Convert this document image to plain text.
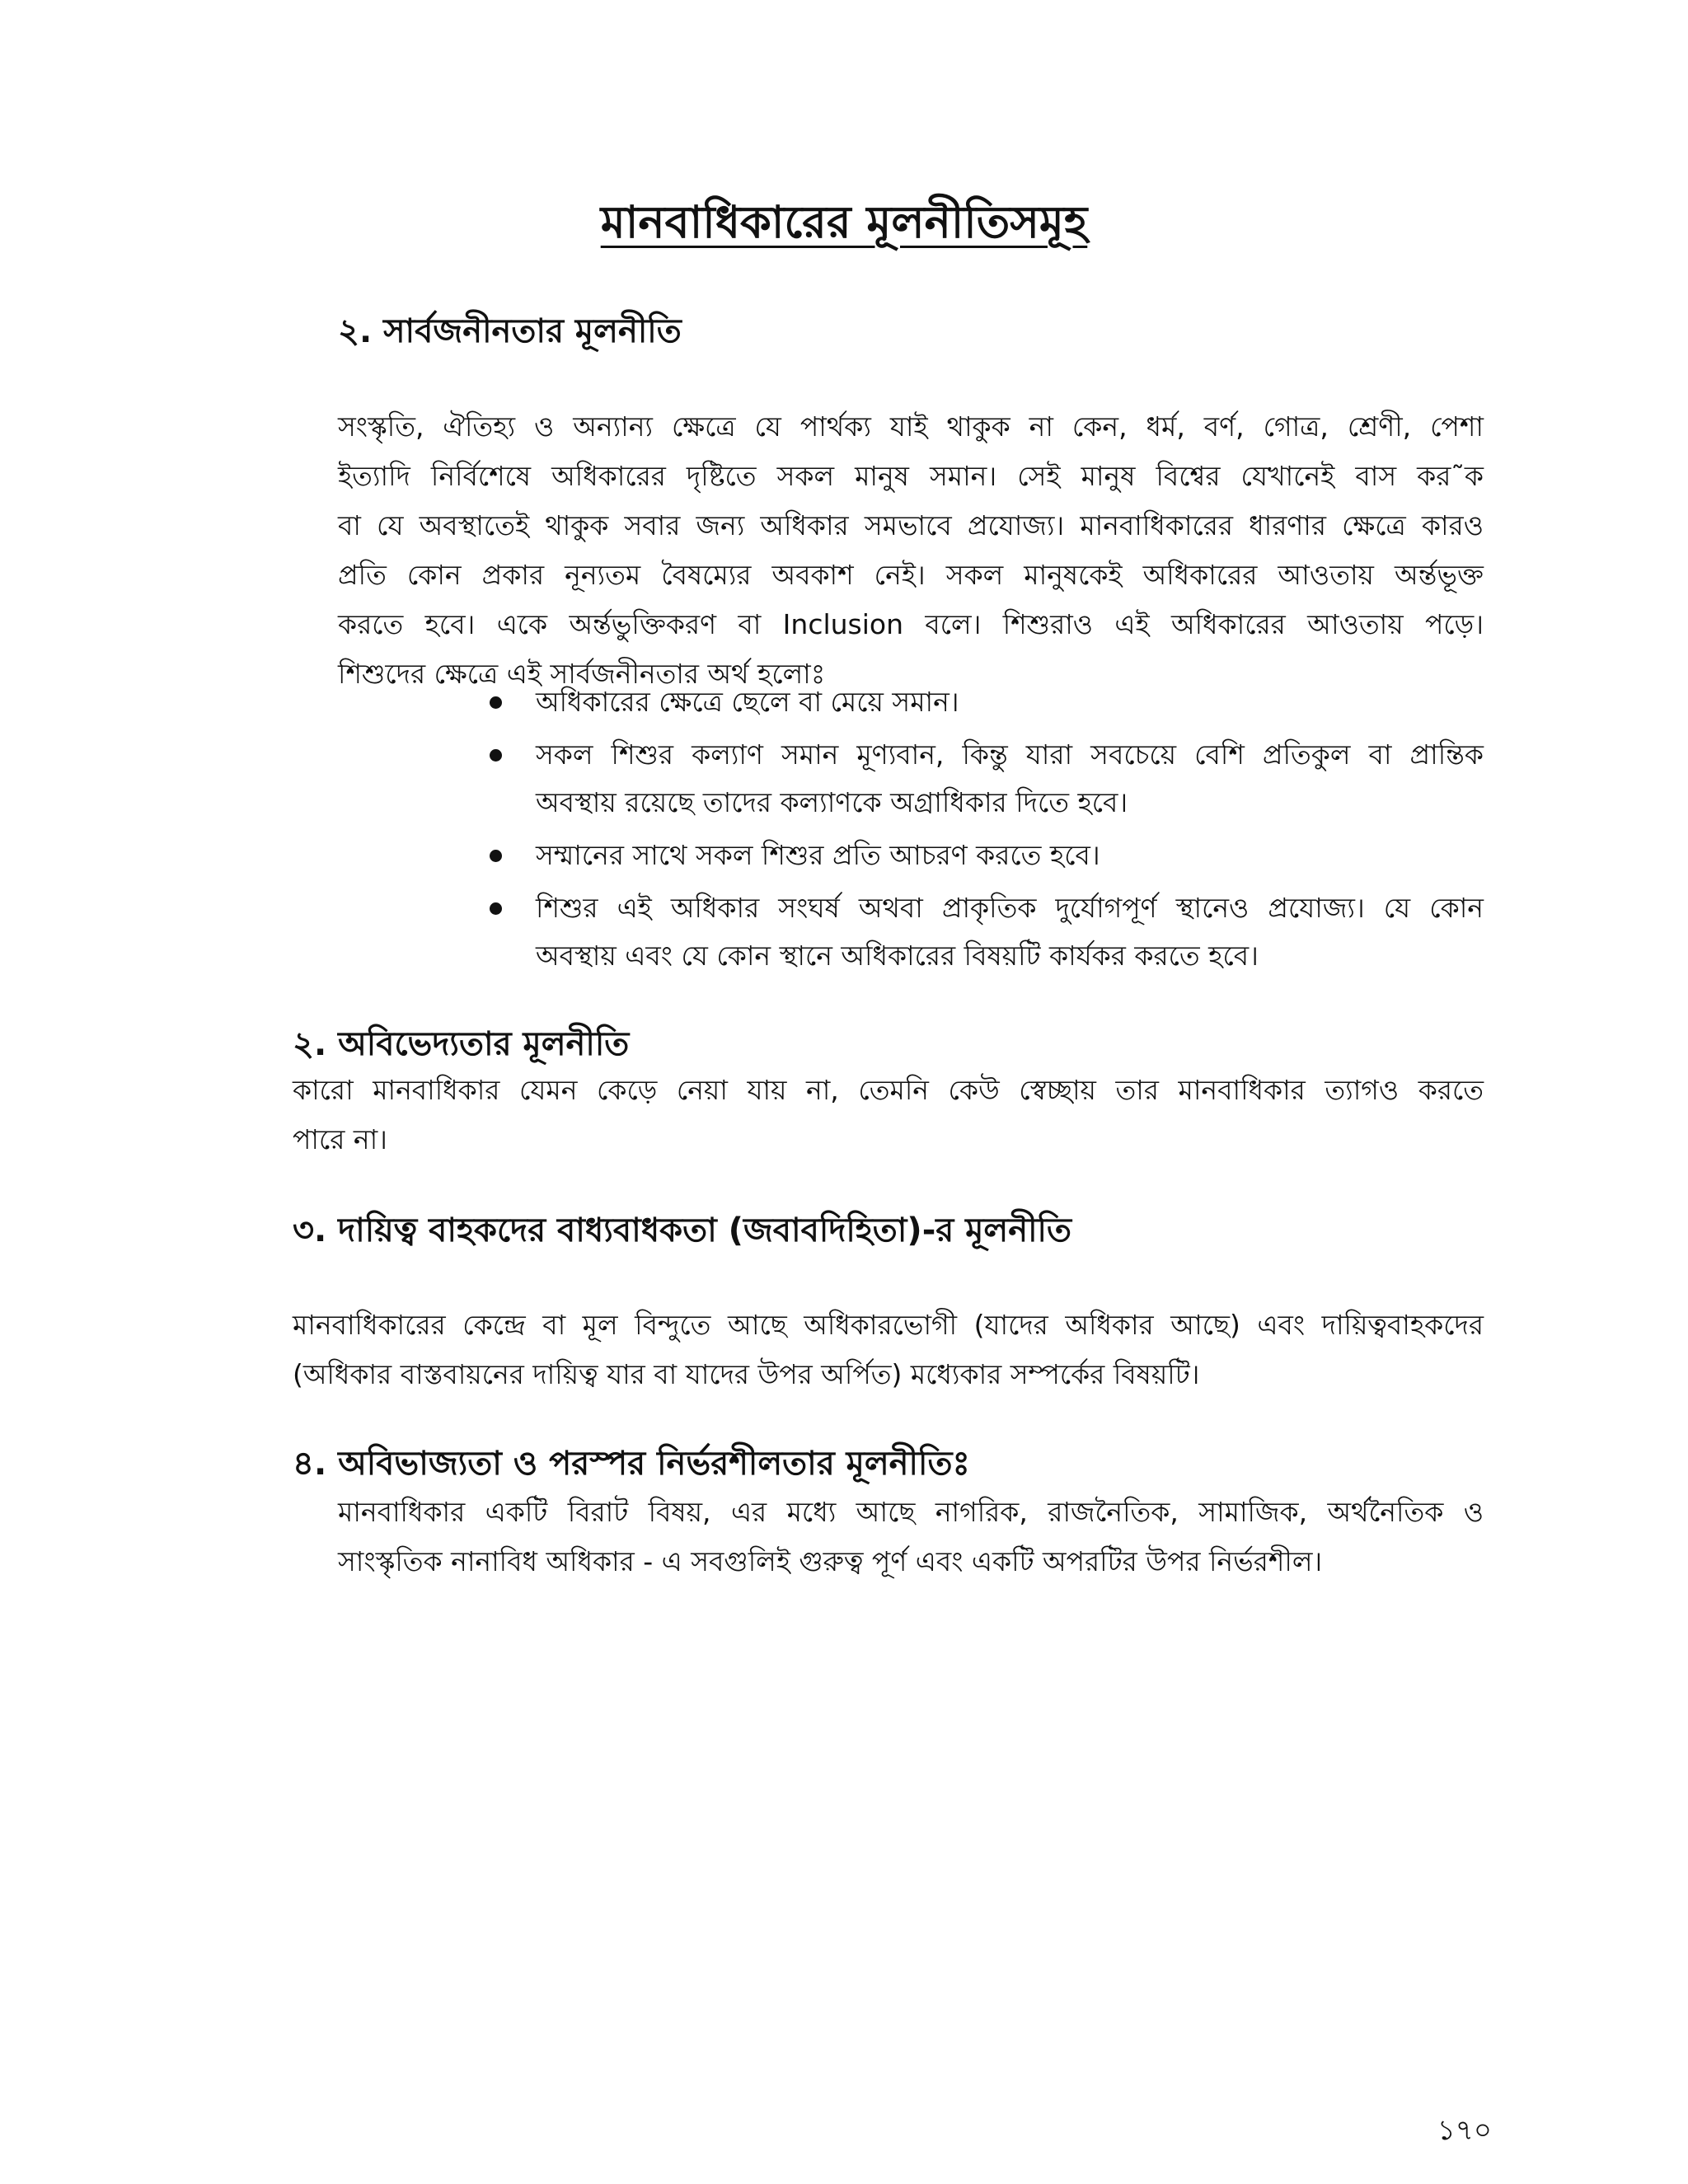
মানবাধিকারের মূলনীতিসমূহ
২. সার্বজনীনতার মূলনীতি
সংস্কৃতি, ঐতিহ্য ও অন্যান্য ক্ষেত্রে যে পার্থক্য যাই থাকুক না কেন, ধর্ম, বর্ণ, গোত্র, শ্রেণী, পেশা
ইত্যাদি নির্বিশেষে অধিকারের দৃষ্টিতে সকল মানুষ সমান। সেই মানুষ বিশ্বের যেখানেই বাস কর˜ক
বা যে অবস্থাতেই থাকুক সবার জন্য অধিকার সমভাবে প্রযোজ্য। মানবাধিকারের ধারণার ক্ষেত্রে কারও
প্রতি কোন প্রকার নূন্যতম বৈষম্যের অবকাশ নেই। সকল মানুষকেই অধিকারের আওতায় অর্ন্তভূক্ত
করতে হবে। একে অর্ন্তভুক্তিকরণ বা Inclusion বলে। শিশুরাও এই অধিকারের আওতায় পড়ে।
শিশুদের ক্ষেত্রে এই সার্বজনীনতার অর্থ হলোঃ
অধিকারের ক্ষেত্রে ছেলে বা মেয়ে সমান।
সকল শিশুর কল্যাণ সমান মূণ্যবান, কিন্তু যারা সবচেয়ে বেশি প্রতিকুল বা প্রান্তিক
অবস্থায় রয়েছে তাদের কল্যাণকে অগ্রাধিকার দিতে হবে।
সম্মানের সাথে সকল শিশুর প্রতি আচরণ করতে হবে।
শিশুর এই অধিকার সংঘর্ষ অথবা প্রাকৃতিক দুর্যোগপূর্ণ স্থানেও প্রযোজ্য। যে কোন
অবস্থায় এবং যে কোন স্থানে অধিকারের বিষয়টি কার্যকর করতে হবে।
২. অবিভেদ্যতার মূলনীতি
কারো মানবাধিকার যেমন কেড়ে নেয়া যায় না, তেমনি কেউ স্বেচ্ছায় তার মানবাধিকার ত্যাগও করতে
পারে না।
৩. দায়িত্ব বাহকদের বাধ্যবাধকতা (জবাবদিহিতা)-র মূলনীতি
মানবাধিকারের কেন্দ্রে বা মূল বিন্দুতে আছে অধিকারভোগী (যাদের অধিকার আছে) এবং দায়িত্ববাহকদের
(অধিকার বাস্তবায়নের দায়িত্ব যার বা যাদের উপর অর্পিত) মধ্যেকার সম্পর্কের বিষয়টি।
৪. অবিভাজ্যতা ও পরস্পর নির্ভরশীলতার মূলনীতিঃ
মানবাধিকার একটি বিরাট বিষয়, এর মধ্যে আছে নাগরিক, রাজনৈতিক, সামাজিক, অর্থনৈতিক ও
সাংস্কৃতিক নানাবিধ অধিকার - এ সবগুলিই গুরুত্ব পূর্ণ এবং একটি অপরটির উপর নির্ভরশীল।
১৭০
